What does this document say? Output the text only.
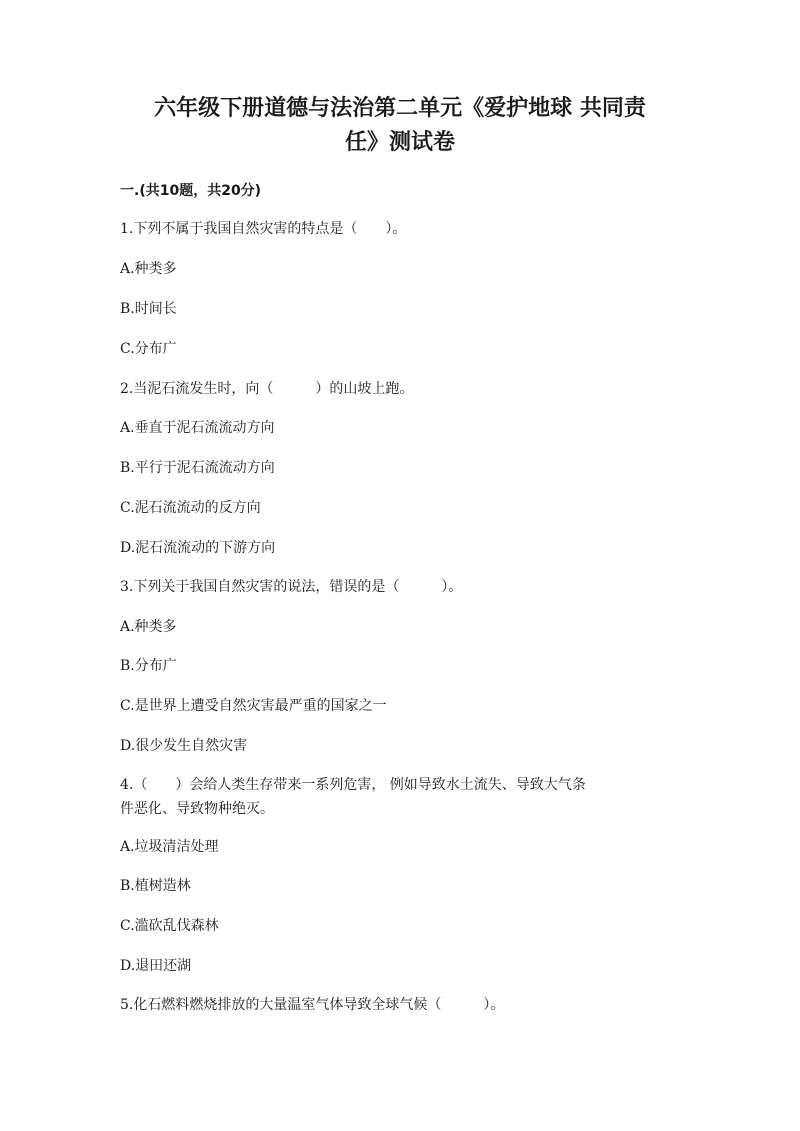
六年级下册道德与法治第二单元《爱护地球 共同责
任》测试卷

一.(共10题，共20分)

1.下列不属于我国自然灾害的特点是（　　）。

A.种类多

B.时间长

C.分布广

2.当泥石流发生时，向（　　　）的山坡上跑。

A.垂直于泥石流流动方向

B.平行于泥石流流动方向

C.泥石流流动的反方向

D.泥石流流动的下游方向

3.下列关于我国自然灾害的说法，错误的是（　　　）。

A.种类多

B.分布广

C.是世界上遭受自然灾害最严重的国家之一

D.很少发生自然灾害

4.（　　）会给人类生存带来一系列危害， 例如导致水土流失、导致大气条

件恶化、导致物种绝灭。

A.垃圾清洁处理

B.植树造林

C.滥砍乱伐森林

D.退田还湖

5.化石燃料燃烧排放的大量温室气体导致全球气候（　　　）。
